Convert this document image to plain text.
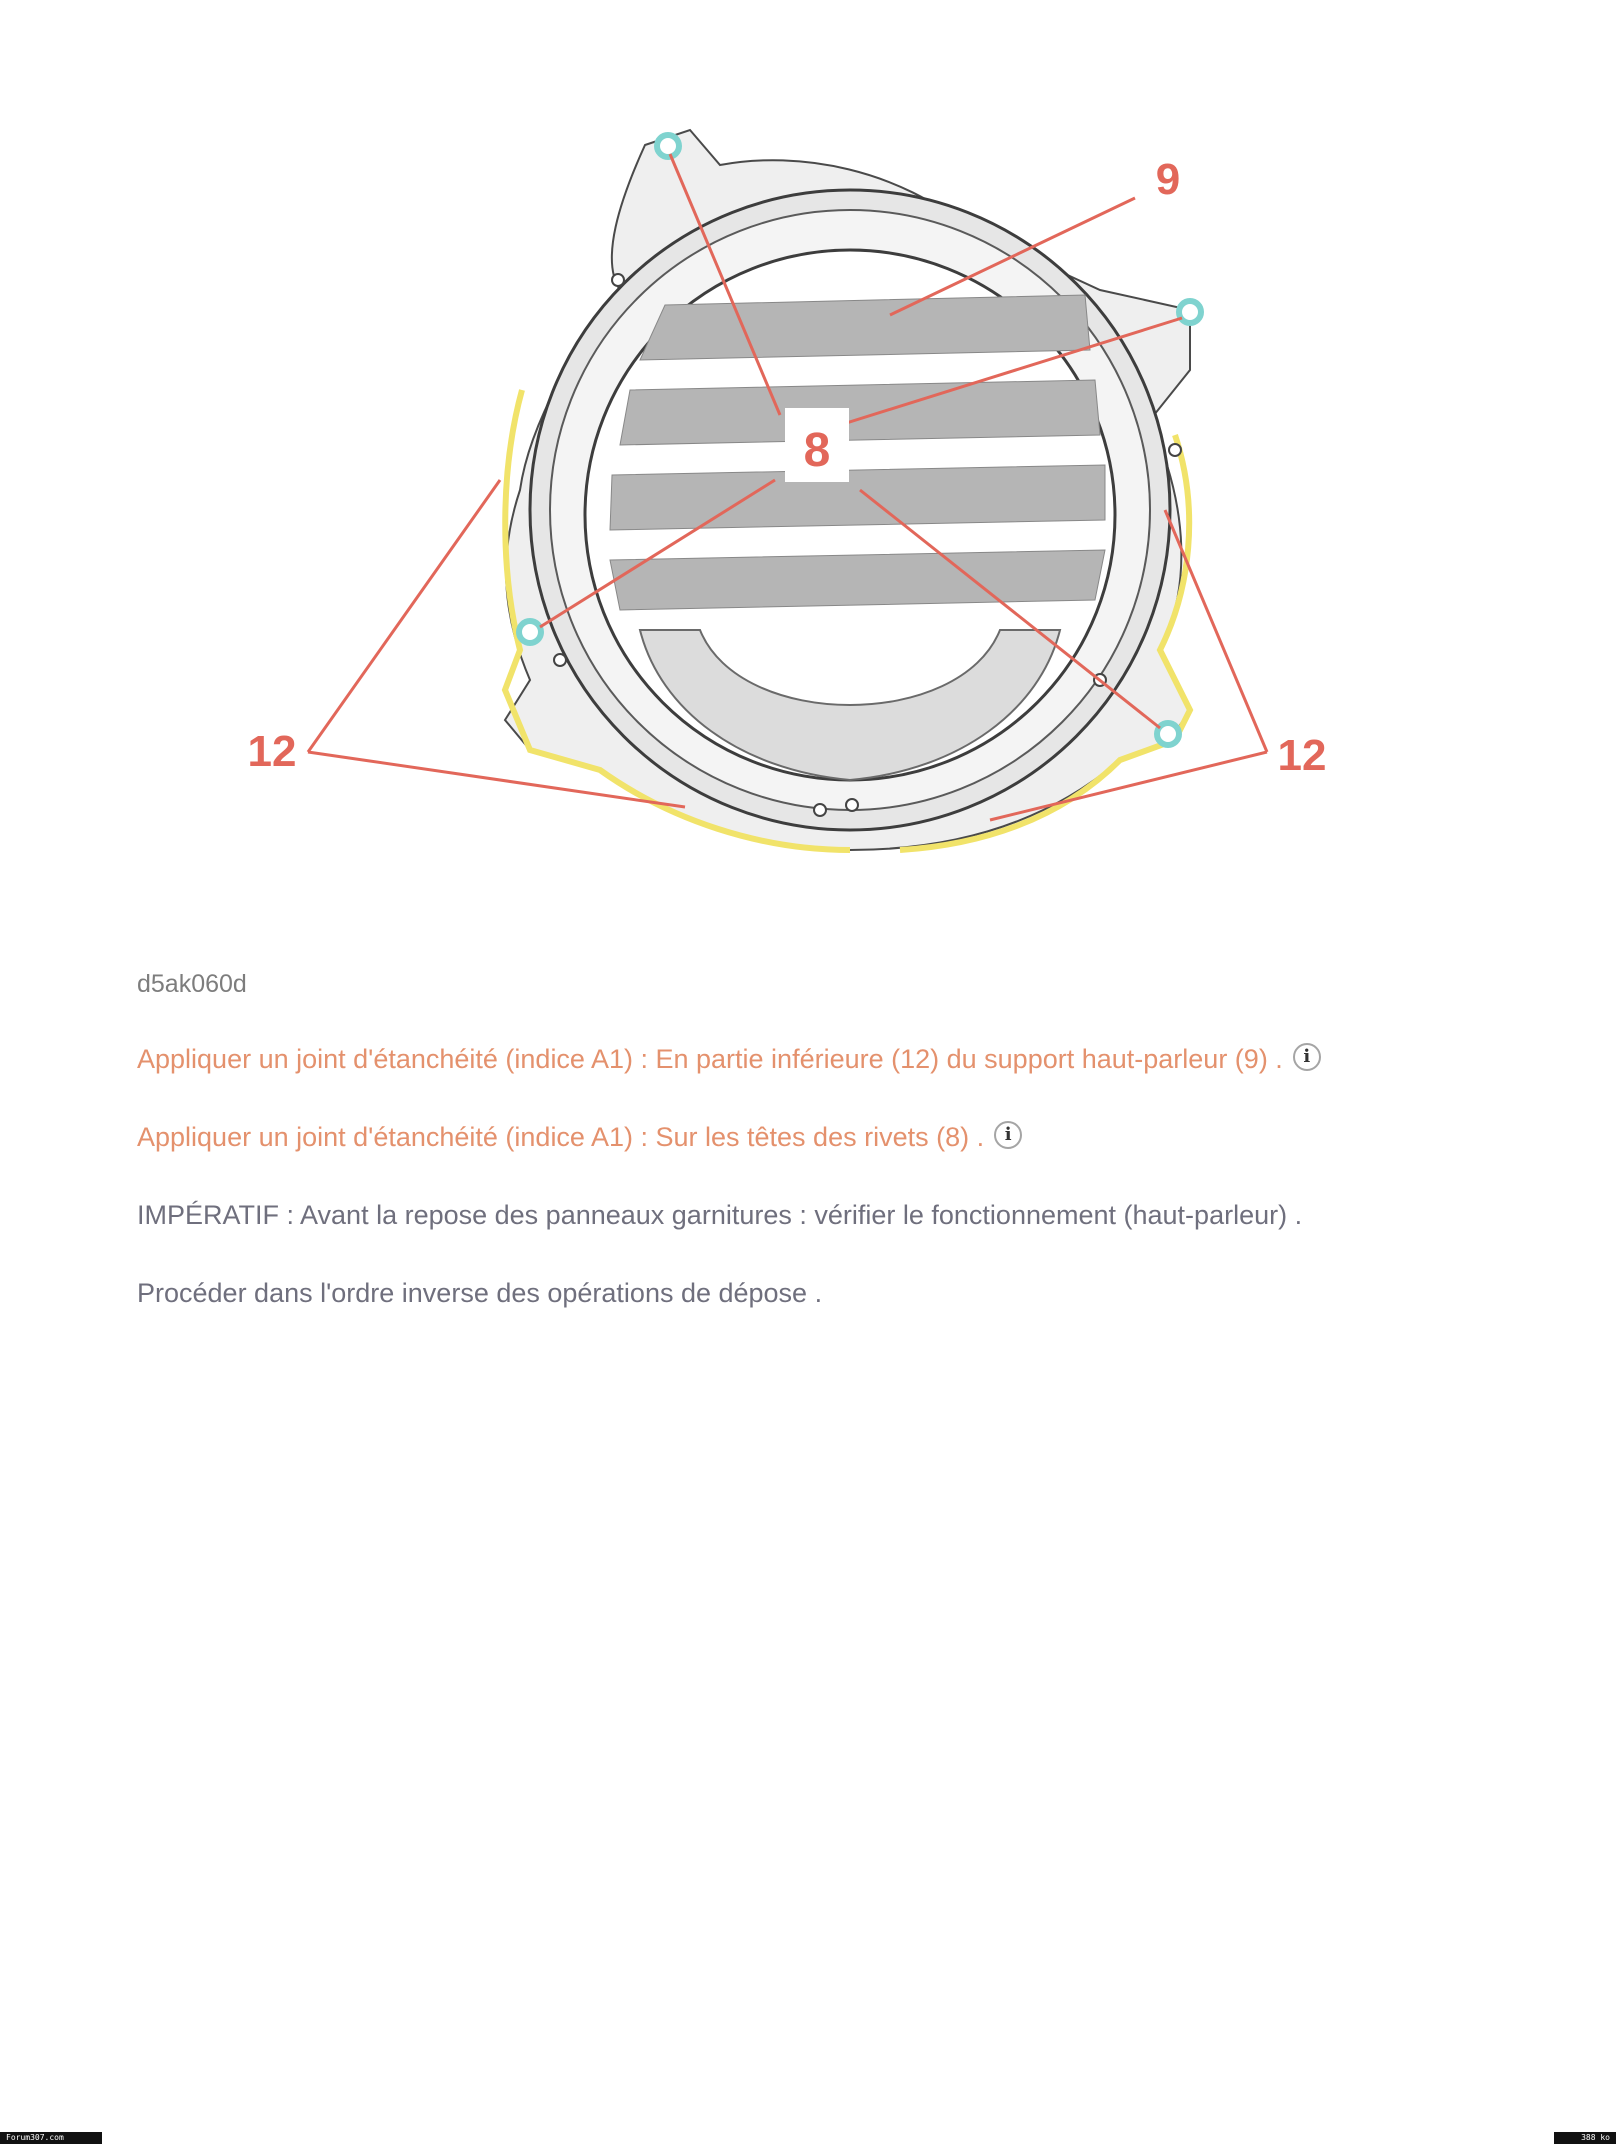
8
9
12	12
d5ak060d
Appliquer un joint d'étanchéité (indice A1) : En partie inférieure (12) du support haut-parleur (9) . i
Appliquer un joint d'étanchéité (indice A1) : Sur les têtes des rivets (8) . i
IMPÉRATIF : Avant la repose des panneaux garnitures : vérifier le fonctionnement (haut-parleur) .
Procéder dans l'ordre inverse des opérations de dépose .
Forum307.com	388 ko
